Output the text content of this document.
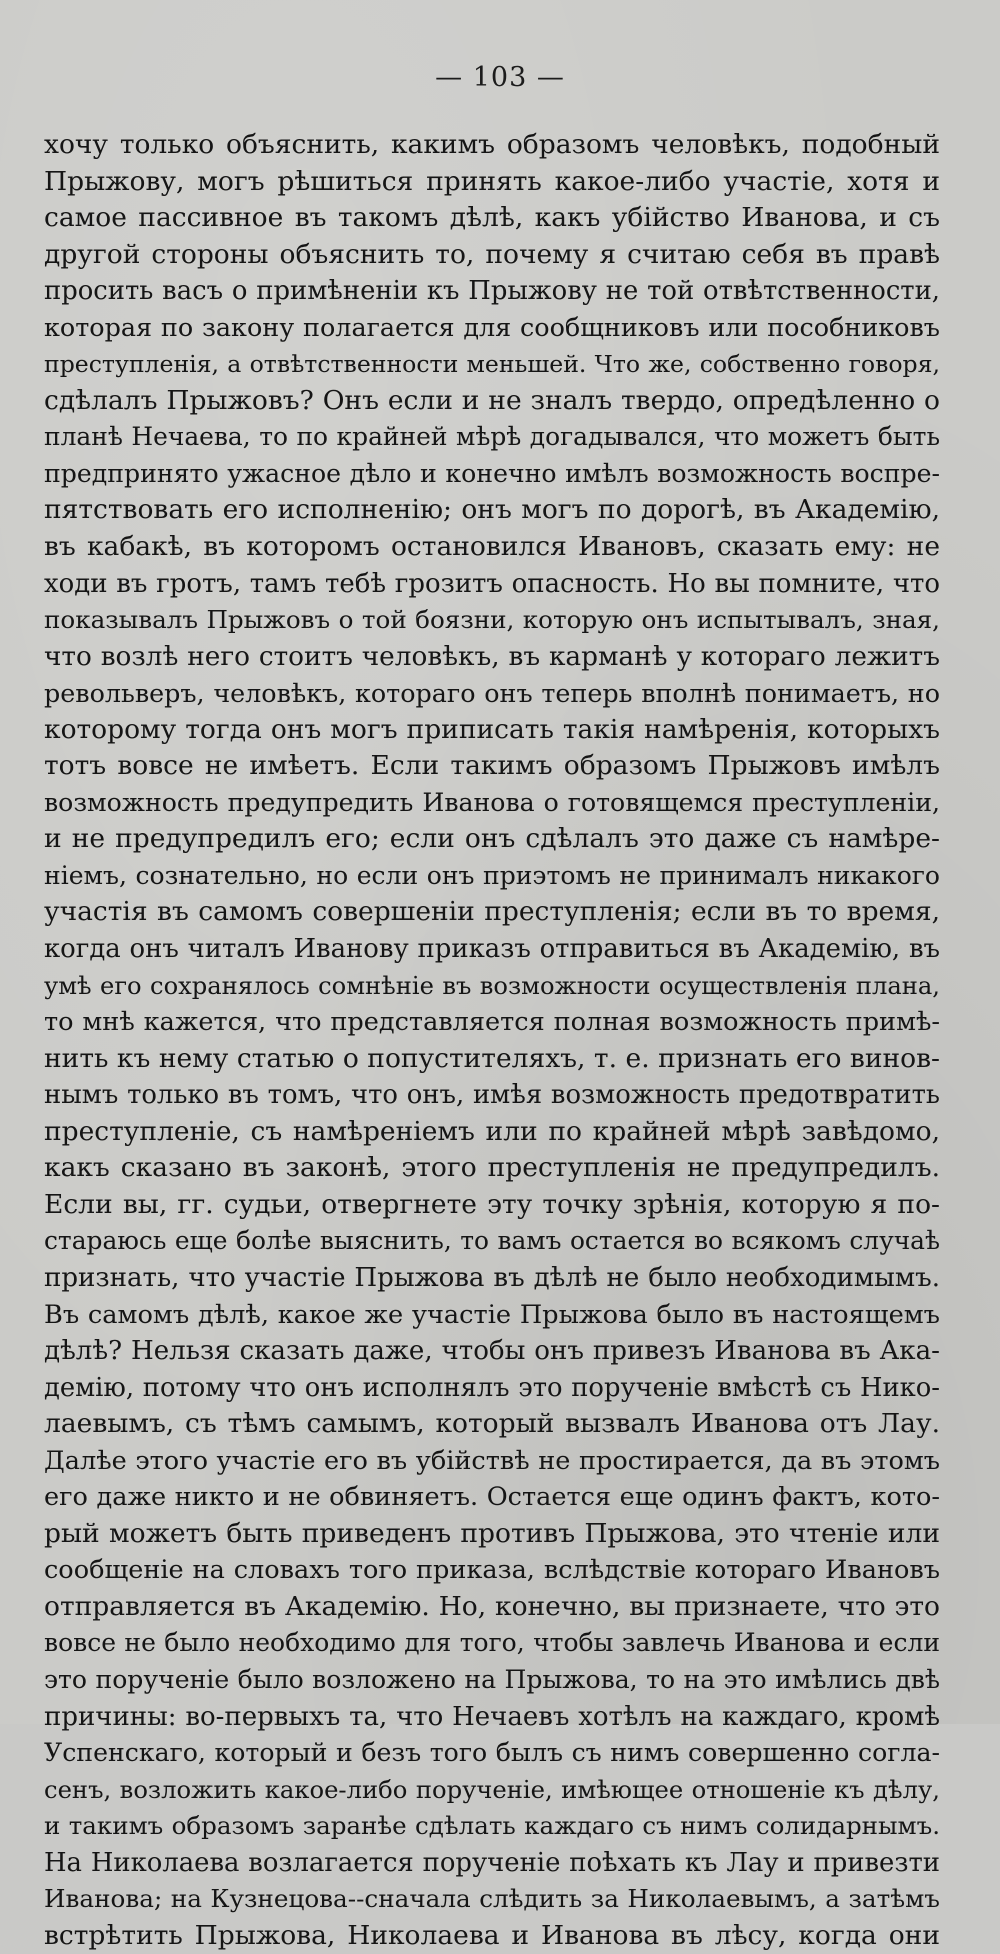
— 103 —
хочу только объяснить, какимъ образомъ человѣкъ, подобный
Прыжову, могъ рѣшиться принять какое-либо участіе, хотя и
самое пассивное въ такомъ дѣлѣ, какъ убійство Иванова, и съ
другой стороны объяснить то, почему я считаю себя въ правѣ
просить васъ о примѣненіи къ Прыжову не той отвѣтственности,
которая по закону полагается для сообщниковъ или пособниковъ
преступленія, а отвѣтственности меньшей. Что же, собственно говоря,
сдѣлалъ Прыжовъ? Онъ если и не зналъ твердо, опредѣленно о
планѣ Нечаева, то по крайней мѣрѣ догадывался, что можетъ быть
предпринято ужасное дѣло и конечно имѣлъ возможность воспре-
пятствовать его исполненію; онъ могъ по дорогѣ, въ Академію,
въ кабакѣ, въ которомъ остановился Ивановъ, сказать ему: не
ходи въ гротъ, тамъ тебѣ грозитъ опасность. Но вы помните, что
показывалъ Прыжовъ о той боязни, которую онъ испытывалъ, зная,
что возлѣ него стоитъ человѣкъ, въ карманѣ у котораго лежитъ
револьверъ, человѣкъ, котораго онъ теперь вполнѣ понимаетъ, но
которому тогда онъ могъ приписать такія намѣренія, которыхъ
тотъ вовсе не имѣетъ. Если такимъ образомъ Прыжовъ имѣлъ
возможность предупредить Иванова о готовящемся преступленіи,
и не предупредилъ его; если онъ сдѣлалъ это даже съ намѣре-
ніемъ, сознательно, но если онъ приэтомъ не принималъ никакого
участія въ самомъ совершеніи преступленія; если въ то время,
когда онъ читалъ Иванову приказъ отправиться въ Академію, въ
умѣ его сохранялось сомнѣніе въ возможности осуществленія плана,
то мнѣ кажется, что представляется полная возможность примѣ-
нить къ нему статью о попустителяхъ, т. е. признать его винов-
нымъ только въ томъ, что онъ, имѣя возможность предотвратить
преступленіе, съ намѣреніемъ или по крайней мѣрѣ завѣдомо,
какъ сказано въ законѣ, этого преступленія не предупредилъ.
Если вы, гг. судьи, отвергнете эту точку зрѣнія, которую я по-
стараюсь еще болѣе выяснить, то вамъ остается во всякомъ случаѣ
признать, что участіе Прыжова въ дѣлѣ не было необходимымъ.
Въ самомъ дѣлѣ, какое же участіе Прыжова было въ настоящемъ
дѣлѣ? Нельзя сказать даже, чтобы онъ привезъ Иванова въ Ака-
демію, потому что онъ исполнялъ это порученіе вмѣстѣ съ Нико-
лаевымъ, съ тѣмъ самымъ, который вызвалъ Иванова отъ Лау.
Далѣе этого участіе его въ убійствѣ не простирается, да въ этомъ
его даже никто и не обвиняетъ. Остается еще одинъ фактъ, кото-
рый можетъ быть приведенъ противъ Прыжова, это чтеніе или
сообщеніе на словахъ того приказа, вслѣдствіе котораго Ивановъ
отправляется въ Академію. Но, конечно, вы признаете, что это
вовсе не было необходимо для того, чтобы завлечь Иванова и если
это порученіе было возложено на Прыжова, то на это имѣлись двѣ
причины: во-первыхъ та, что Нечаевъ хотѣлъ на каждаго, кромѣ
Успенскаго, который и безъ того былъ съ нимъ совершенно согла-
сенъ, возложить какое-либо порученіе, имѣющее отношеніе къ дѣлу,
и такимъ образомъ заранѣе сдѣлать каждаго съ нимъ солидарнымъ.
На Николаева возлагается порученіе поѣхать къ Лау и привезти
Иванова; на Кузнецова--сначала слѣдить за Николаевымъ, а затѣмъ
встрѣтить Прыжова, Николаева и Иванова въ лѣсу, когда они
